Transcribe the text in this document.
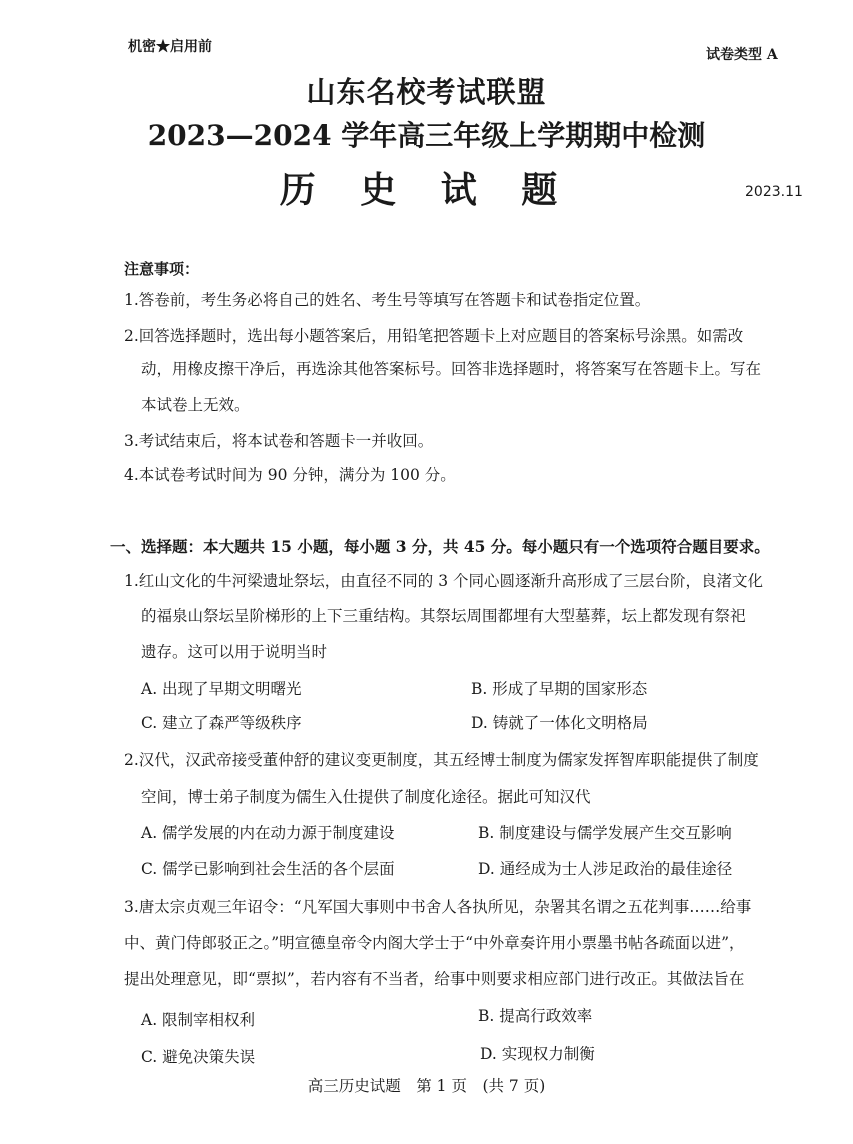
机密★启用前	试卷类型 A
山东名校考试联盟
2023—2024 学年高三年级上学期期中检测
历 史 试 题	2023.11
注意事项：
1.答卷前，考生务必将自己的姓名、考生号等填写在答题卡和试卷指定位置。
2.回答选择题时，选出每小题答案后，用铅笔把答题卡上对应题目的答案标号涂黑。如需改
动，用橡皮擦干净后，再选涂其他答案标号。回答非选择题时，将答案写在答题卡上。写在
本试卷上无效。
3.考试结束后，将本试卷和答题卡一并收回。
4.本试卷考试时间为 90 分钟，满分为 100 分。
一、选择题：本大题共 15 小题，每小题 3 分，共 45 分。每小题只有一个选项符合题目要求。
1.红山文化的牛河梁遗址祭坛，由直径不同的 3 个同心圆逐渐升高形成了三层台阶，良渚文化
的福泉山祭坛呈阶梯形的上下三重结构。其祭坛周围都埋有大型墓葬，坛上都发现有祭祀
遗存。这可以用于说明当时
A. 出现了早期文明曙光	B. 形成了早期的国家形态
C. 建立了森严等级秩序	D. 铸就了一体化文明格局
2.汉代，汉武帝接受董仲舒的建议变更制度，其五经博士制度为儒家发挥智库职能提供了制度
空间，博士弟子制度为儒生入仕提供了制度化途径。据此可知汉代
A. 儒学发展的内在动力源于制度建设	B. 制度建设与儒学发展产生交互影响
C. 儒学已影响到社会生活的各个层面	D. 通经成为士人涉足政治的最佳途径
3.唐太宗贞观三年诏令：“凡军国大事则中书舍人各执所见，杂署其名谓之五花判事……给事
中、黄门侍郎驳正之。”明宣德皇帝令内阁大学士于“中外章奏许用小票墨书帖各疏面以进”，
提出处理意见，即“票拟”，若内容有不当者，给事中则要求相应部门进行改正。其做法旨在
A. 限制宰相权利	B. 提高行政效率
C. 避免决策失误	D. 实现权力制衡
高三历史试题　第 1 页　(共 7 页)
